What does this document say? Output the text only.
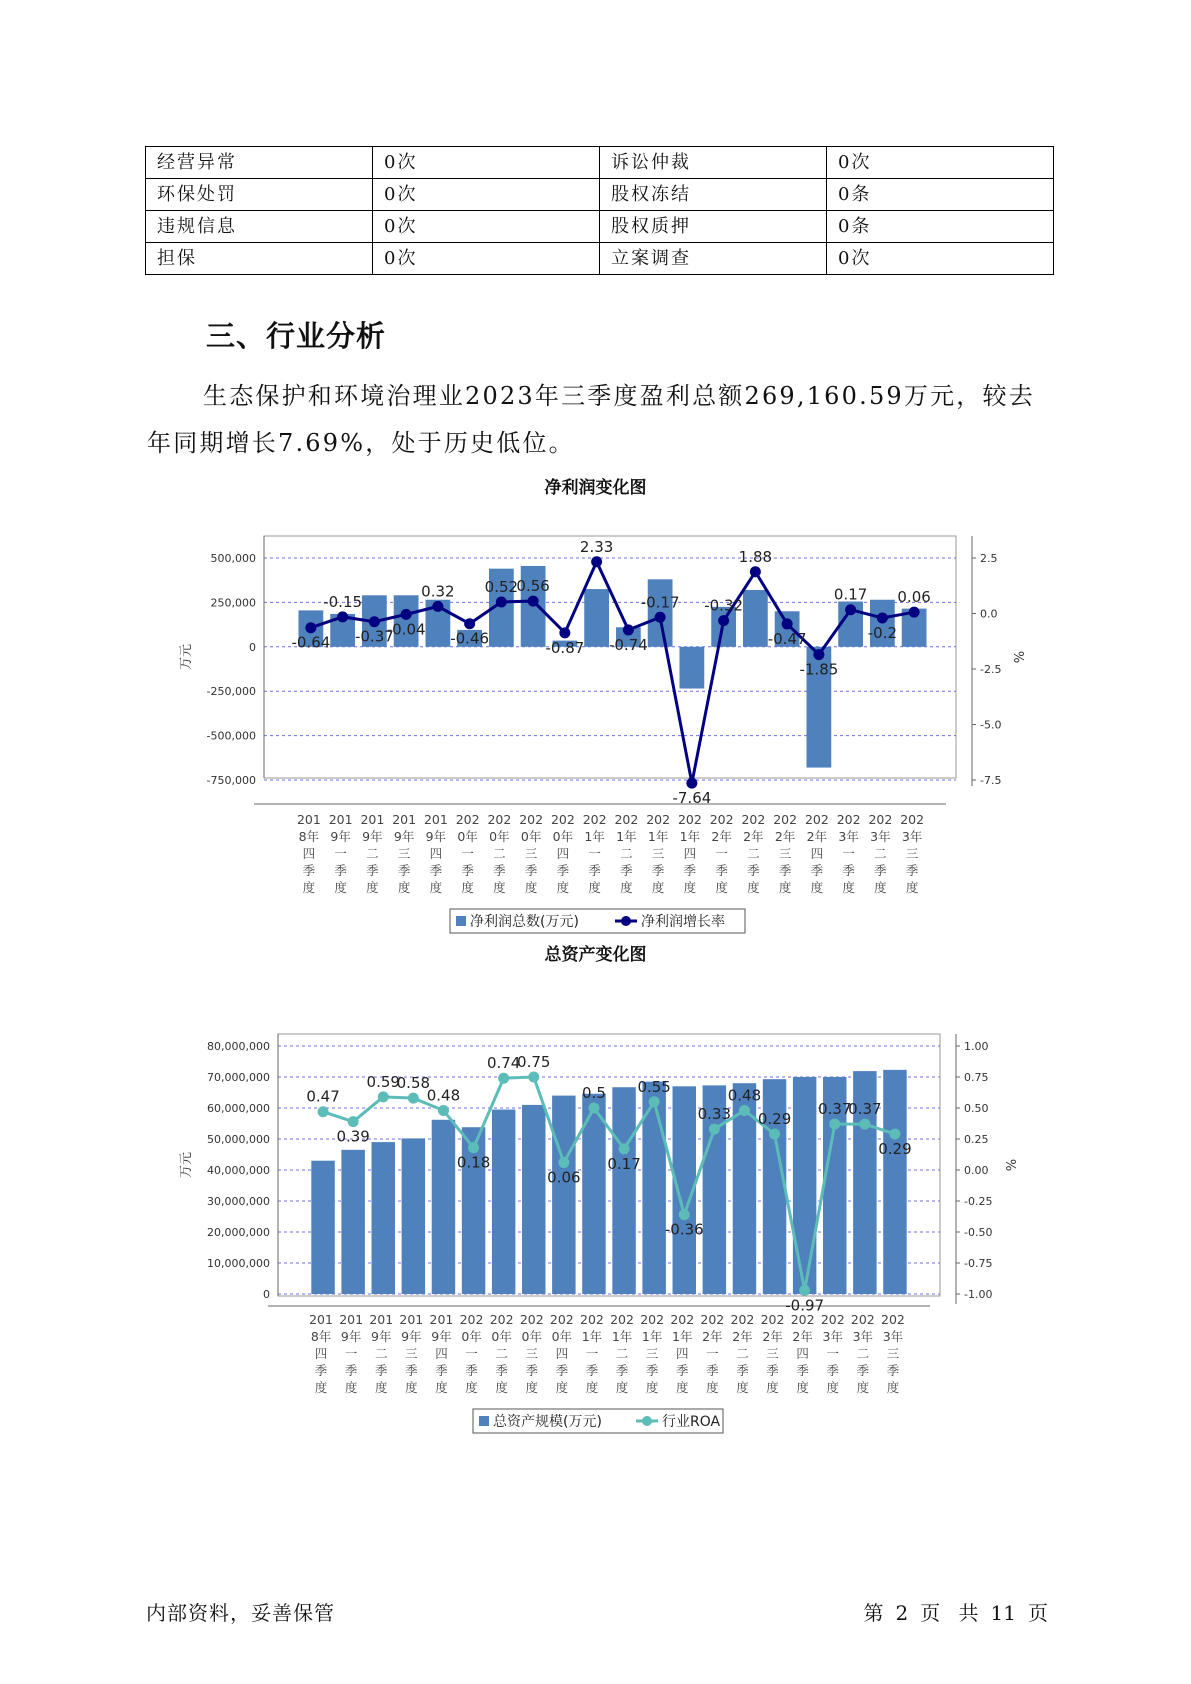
经营异常	0次	诉讼仲裁	0次
环保处罚	0次	股权冻结	0条
违规信息	0次	股权质押	0条
担保	0次	立案调查	0次
三、行业分析

生态保护和环境治理业2023年三季度盈利总额269,160.59万元，较去年同期增长7.69%，处于历史低位。

净利润变化图
500,000
250,000
0
-250,000
-500,000
-750,000
2.5
0.0
-2.5
-5.0
-7.5
万元	%
-0.64
-0.15
-0.37
-0.04
0.32
-0.46
0.52
0.56
-0.87
2.33
-0.74
-0.17
-7.64
-0.32
1.88
-0.47
-1.85
0.17
-0.2
0.06
201 8年四季度
201 9年一季度
201 9年二季度
201 9年三季度
201 9年四季度
202 0年一季度
202 0年二季度
202 0年三季度
202 0年四季度
202 1年一季度
202 1年二季度
202 1年三季度
202 1年四季度
202 2年一季度
202 2年二季度
202 2年三季度
202 2年四季度
202 3年一季度
202 3年二季度
202 3年三季度
净利润总数(万元)	净利润增长率
总资产变化图
80,000,000
70,000,000
60,000,000
50,000,000
40,000,000
30,000,000
20,000,000
10,000,000
0
1.00
0.75
0.50
0.25
0.00
-0.25
-0.50
-0.75
-1.00
万元	%
0.47
0.39
0.59
0.58
0.48
0.18
0.74
0.75
0.06
0.5
0.17
0.55
-0.36
0.33
0.48
0.29
-0.97
0.37
0.37
0.29
201 8年四季度
201 9年一季度
201 9年二季度
201 9年三季度
201 9年四季度
202 0年一季度
202 0年二季度
202 0年三季度
202 0年四季度
202 1年一季度
202 1年二季度
202 1年三季度
202 1年四季度
202 2年一季度
202 2年二季度
202 2年三季度
202 2年四季度
202 3年一季度
202 3年二季度
202 3年三季度
总资产规模(万元)	行业ROA
内部资料，妥善保管	第 2 页 共 11 页
